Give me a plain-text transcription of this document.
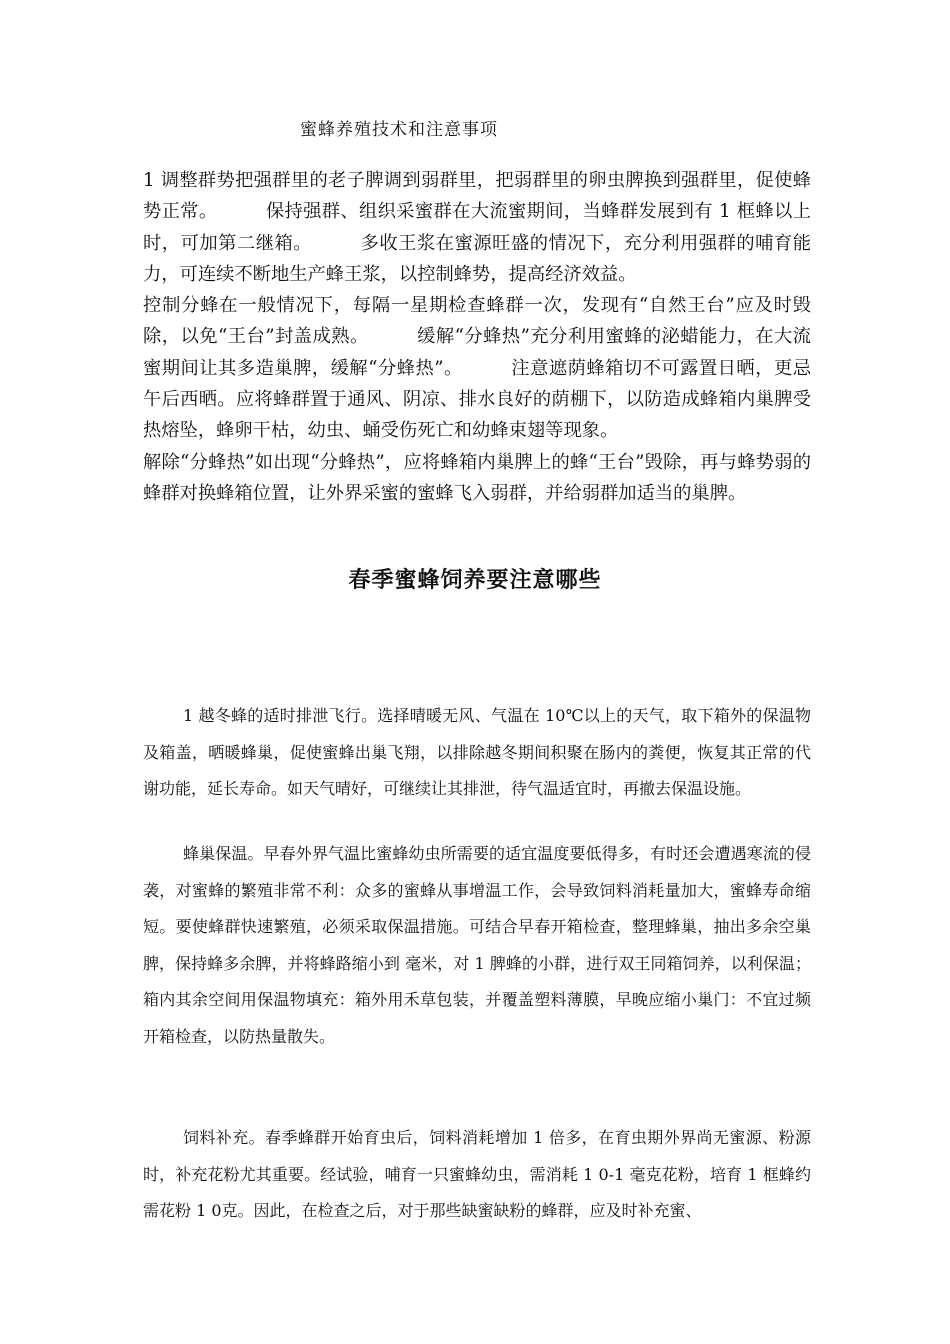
蜜蜂养殖技术和注意事项

1 调整群势把强群里的老子脾调到弱群里，把弱群里的卵虫脾换到强群里，促使蜂势正常。	保持强群、组织采蜜群在大流蜜期间，当蜂群发展到有 1 框蜂以上时，可加第二继箱。	多收王浆在蜜源旺盛的情况下，充分利用强群的哺育能力，可连续不断地生产蜂王浆，以控制蜂势，提高经济效益。

控制分蜂在一般情况下，每隔一星期检查蜂群一次，发现有“自然王台”应及时毁除，以免“王台”封盖成熟。	缓解“分蜂热”充分利用蜜蜂的泌蜡能力，在大流蜜期间让其多造巢脾，缓解“分蜂热”。	注意遮荫蜂箱切不可露置日晒，更忌午后西晒。应将蜂群置于通风、阴凉、排水良好的荫棚下，以防造成蜂箱内巢脾受热熔坠，蜂卵干枯，幼虫、蛹受伤死亡和幼蜂束翅等现象。

解除“分蜂热”如出现“分蜂热”，应将蜂箱内巢脾上的蜂“王台”毁除，再与蜂势弱的蜂群对换蜂箱位置，让外界采蜜的蜜蜂飞入弱群，并给弱群加适当的巢脾。

春季蜜蜂饲养要注意哪些

1 越冬蜂的适时排泄飞行。选择晴暖无风、气温在 10℃以上的天气，取下箱外的保温物及箱盖，晒暖蜂巢，促使蜜蜂出巢飞翔，以排除越冬期间积聚在肠内的粪便，恢复其正常的代谢功能，延长寿命。如天气晴好，可继续让其排泄，待气温适宜时，再撤去保温设施。

蜂巢保温。早春外界气温比蜜蜂幼虫所需要的适宜温度要低得多，有时还会遭遇寒流的侵袭，对蜜蜂的繁殖非常不利：众多的蜜蜂从事增温工作，会导致饲料消耗量加大，蜜蜂寿命缩短。要使蜂群快速繁殖，必须采取保温措施。可结合早春开箱检查，整理蜂巢，抽出多余空巢脾，保持蜂多余脾，并将蜂路缩小到 毫米，对 1 脾蜂的小群，进行双王同箱饲养，以利保温；箱内其余空间用保温物填充：箱外用禾草包装，并覆盖塑料薄膜，早晚应缩小巢门：不宜过频开箱检查，以防热量散失。

饲料补充。春季蜂群开始育虫后，饲料消耗增加 1 倍多，在育虫期外界尚无蜜源、粉源时，补充花粉尤其重要。经试验，哺育一只蜜蜂幼虫，需消耗 1 0-1 毫克花粉，培育 1 框蜂约需花粉 1 0克。因此，在检查之后，对于那些缺蜜缺粉的蜂群，应及时补充蜜、
